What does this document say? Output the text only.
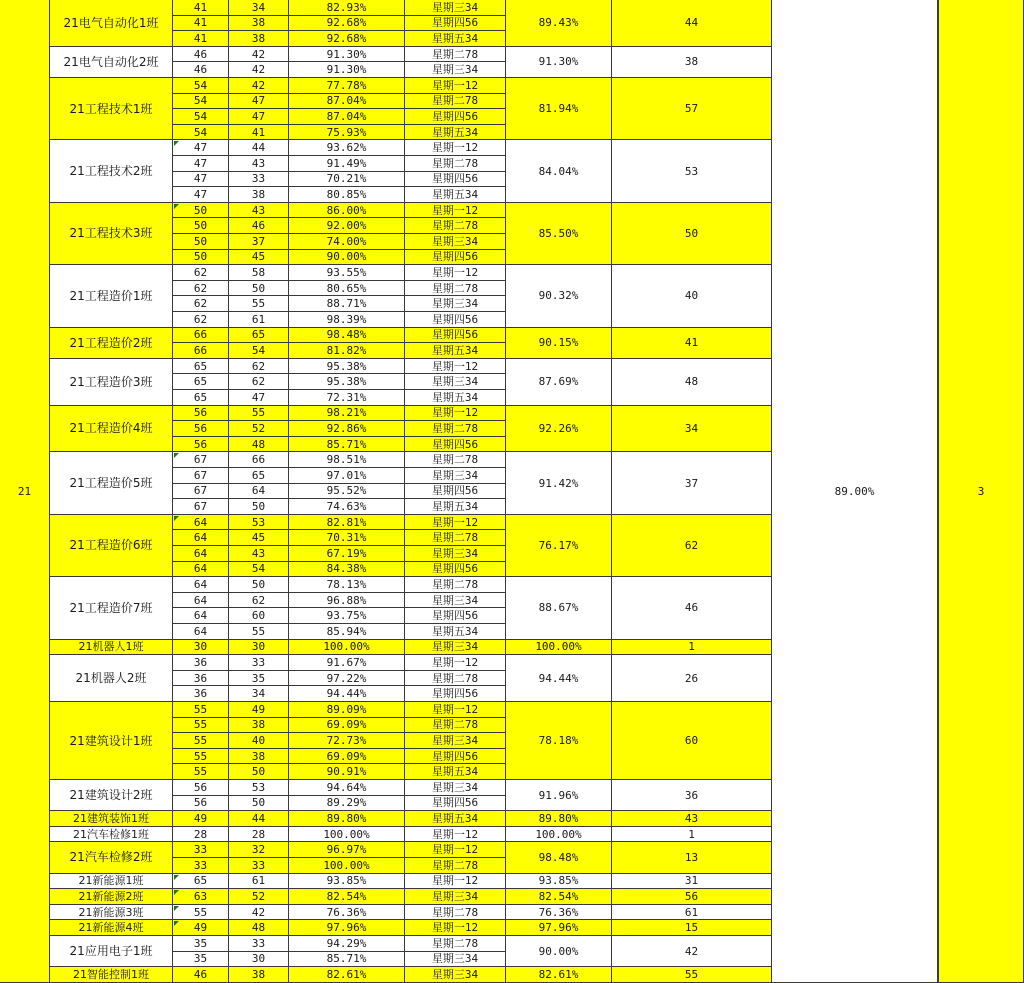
21电气自动化1班
41	34	82.93%	星期三34
41	38	92.68%	星期四56
41	38	92.68%	星期五34
89.43%	44
21电气自动化2班
46	42	91.30%	星期二78
46	42	91.30%	星期三34
91.30%	38
21工程技术1班
54	42	77.78%	星期一12
54	47	87.04%	星期二78
54	47	87.04%	星期四56
54	41	75.93%	星期五34
81.94%	57
21工程技术2班
47	44	93.62%	星期一12
47	43	91.49%	星期二78
47	33	70.21%	星期四56
47	38	80.85%	星期五34
84.04%	53
21工程技术3班
50	43	86.00%	星期一12
50	46	92.00%	星期二78
50	37	74.00%	星期三34
50	45	90.00%	星期四56
85.50%	50
21工程造价1班
62	58	93.55%	星期一12
62	50	80.65%	星期二78
62	55	88.71%	星期三34
62	61	98.39%	星期四56
90.32%	40
21工程造价2班
66	65	98.48%	星期四56
66	54	81.82%	星期五34
90.15%	41
21工程造价3班
65	62	95.38%	星期一12
65	62	95.38%	星期三34
65	47	72.31%	星期五34
87.69%	48
21工程造价4班
56	55	98.21%	星期一12
56	52	92.86%	星期二78
56	48	85.71%	星期四56
92.26%	34
21工程造价5班
67	66	98.51%	星期二78
67	65	97.01%	星期三34
67	64	95.52%	星期四56
67	50	74.63%	星期五34
91.42%	37
21工程造价6班
64	53	82.81%	星期一12
64	45	70.31%	星期二78
64	43	67.19%	星期三34
64	54	84.38%	星期四56
76.17%	62
21工程造价7班
64	50	78.13%	星期二78
64	62	96.88%	星期三34
64	60	93.75%	星期四56
64	55	85.94%	星期五34
88.67%	46
21机器人1班	30	30	100.00%	星期三34	100.00%	1
21机器人2班
36	33	91.67%	星期一12
36	35	97.22%	星期二78
36	34	94.44%	星期四56
94.44%	26
21建筑设计1班
55	49	89.09%	星期一12
55	38	69.09%	星期二78
55	40	72.73%	星期三34
55	38	69.09%	星期四56
55	50	90.91%	星期五34
78.18%	60
21建筑设计2班
56	53	94.64%	星期三34
56	50	89.29%	星期四56
91.96%	36
21建筑装饰1班	49	44	89.80%	星期五34	89.80%	43
21汽车检修1班	28	28	100.00%	星期一12	100.00%	1
21汽车检修2班
33	32	96.97%	星期一12
33	33	100.00%	星期二78
98.48%	13
21新能源1班	65	61	93.85%	星期一12	93.85%	31
21新能源2班	63	52	82.54%	星期三34	82.54%	56
21新能源3班	55	42	76.36%	星期二78	76.36%	61
21新能源4班	49	48	97.96%	星期一12	97.96%	15
21应用电子1班
35	33	94.29%	星期二78
35	30	85.71%	星期三34
90.00%	42
21智能控制1班	46	38	82.61%	星期三34	82.61%	55
21	89.00%	3
